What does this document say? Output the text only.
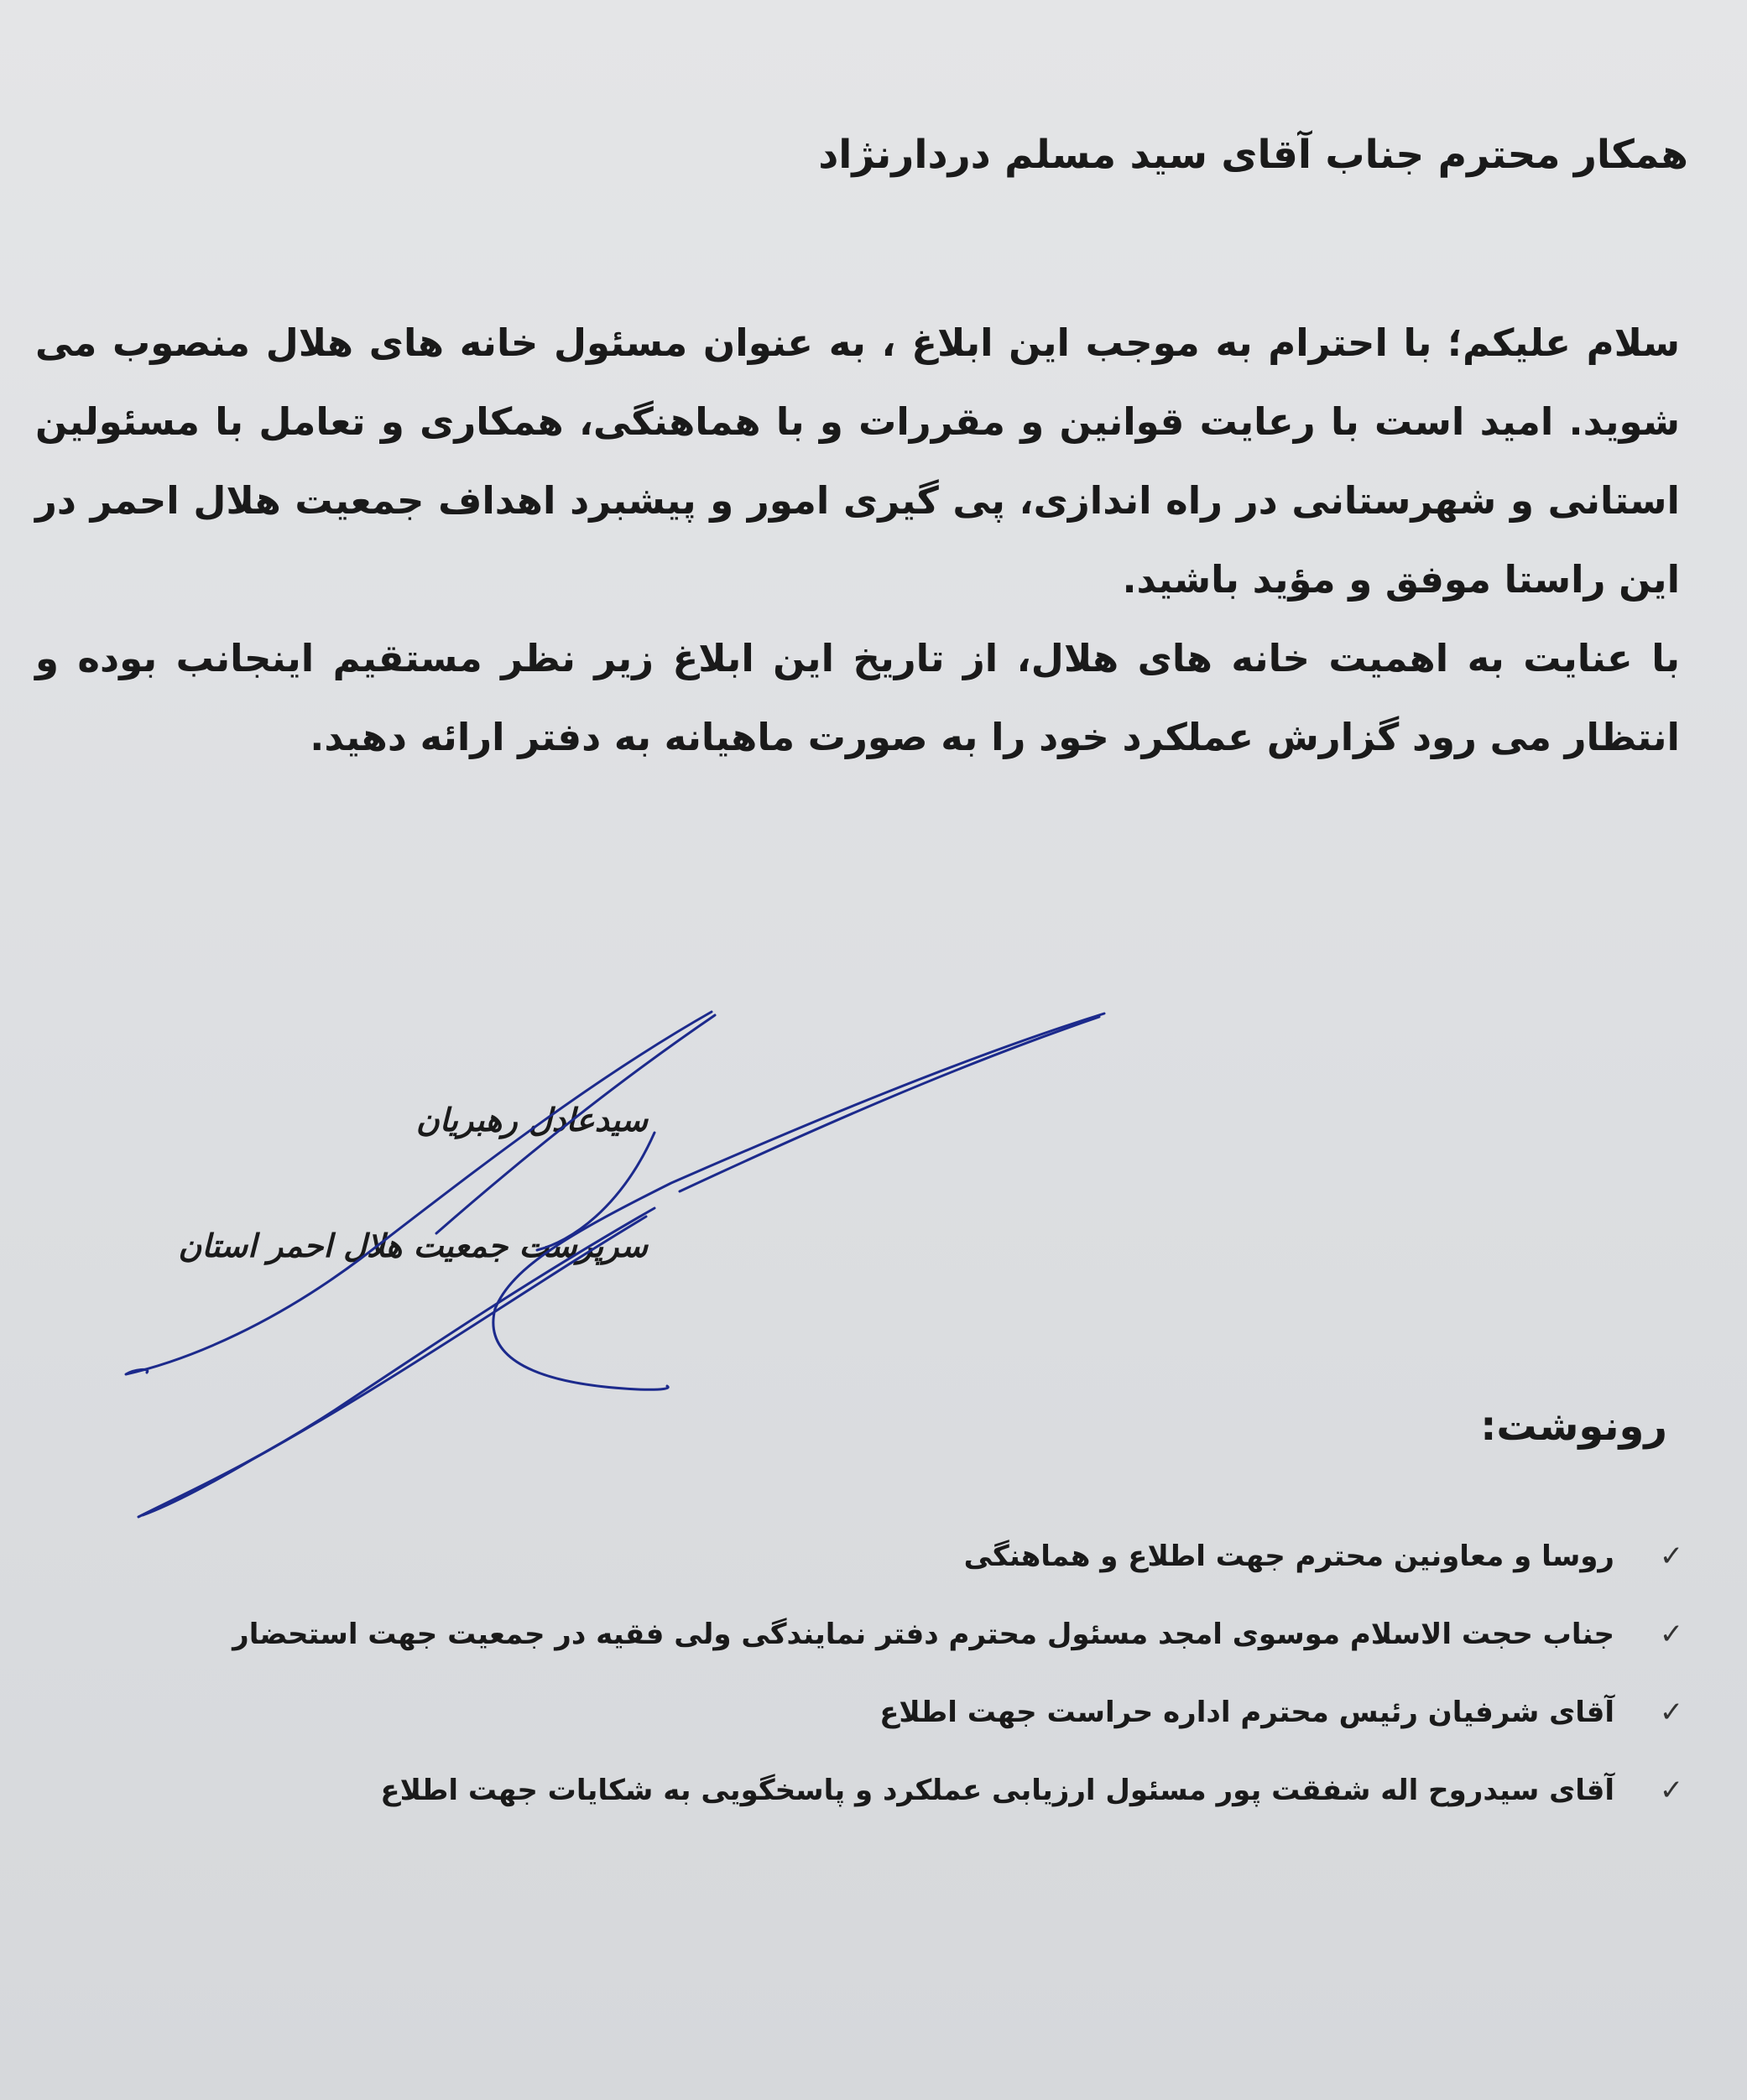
همکار محترم جناب آقای سید مسلم دردارنژاد

سلام علیکم؛ با احترام به موجب این ابلاغ ، به عنوان مسئول خانه های هلال منصوب می شوید. امید است با رعایت قوانین و مقررات و با هماهنگی، همکاری و تعامل با مسئولین استانی و شهرستانی در راه اندازی، پی گیری امور و پیشبرد اهداف جمعیت هلال احمر در این راستا موفق و مؤید باشید.

با عنایت به اهمیت خانه های هلال، از تاریخ این ابلاغ زیر نظر مستقیم اینجانب بوده و انتظار می رود گزارش عملکرد خود را به صورت ماهیانه به دفتر ارائه دهید.

سیدعادل رهبریان
سرپرست جمعیت هلال احمر استان
رونوشت:
✓
روسا و معاونین محترم جهت اطلاع و هماهنگی
✓
جناب حجت الاسلام موسوی امجد مسئول محترم دفتر نمایندگی ولی فقیه در جمعیت جهت استحضار
✓
آقای شرفیان رئیس محترم اداره حراست جهت اطلاع
✓
آقای سیدروح اله شفقت پور مسئول ارزیابی عملکرد و پاسخگویی به شکایات جهت اطلاع
